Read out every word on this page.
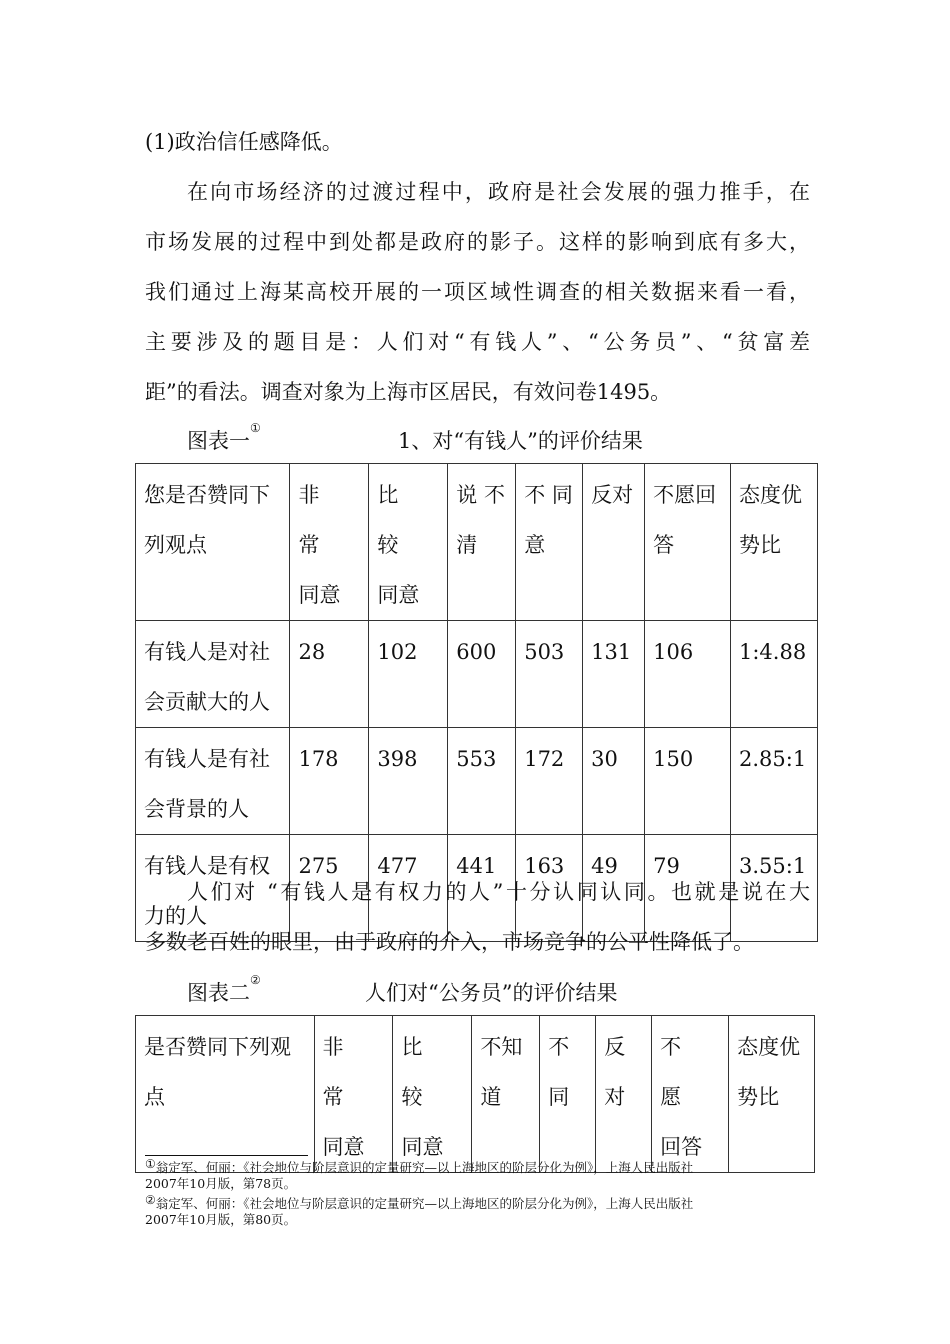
(1)政治信任感降低。

在向市场经济的过渡过程中，政府是社会发展的强力推手，在

市场发展的过程中到处都是政府的影子。这样的影响到底有多大，

我们通过上海某高校开展的一项区域性调查的相关数据来看一看，

主要涉及的题目是：人们对“有钱人”、“公务员”、“贫富差

距”的看法。调查对象为上海市区居民，有效问卷1495。

图表一①
1、对“有钱人”的评价结果
您是否赞同下
列观点	非　常
同意	比　较
同意	说 不
清	不 同
意	反对	不愿回
答	态度优
势比
有钱人是对社
会贡献大的人	28	102	600	503	131	106	1:4.88
有钱人是有社
会背景的人	178	398	553	172	30	150	2.85:1
有钱人是有权
力的人	275	477	441	163	49	79	3.55:1

人们对 “有钱人是有权力的人”十分认同认同。也就是说在大

多数老百姓的眼里，由于政府的介入，市场竞争的公平性降低了。

图表二②
人们对“公务员”的评价结果
是否赞同下列观
点	非　常
同意	比　较
同意	不知
道	不
同	反
对	不　愿
回答	态度优
势比
①翁定军、何丽：《社会地位与阶层意识的定量研究—以上海地区的阶层分化为例》，上海人民出版社
2007年10月版，第78页。
②翁定军、何丽：《社会地位与阶层意识的定量研究—以上海地区的阶层分化为例》，上海人民出版社
2007年10月版，第80页。
